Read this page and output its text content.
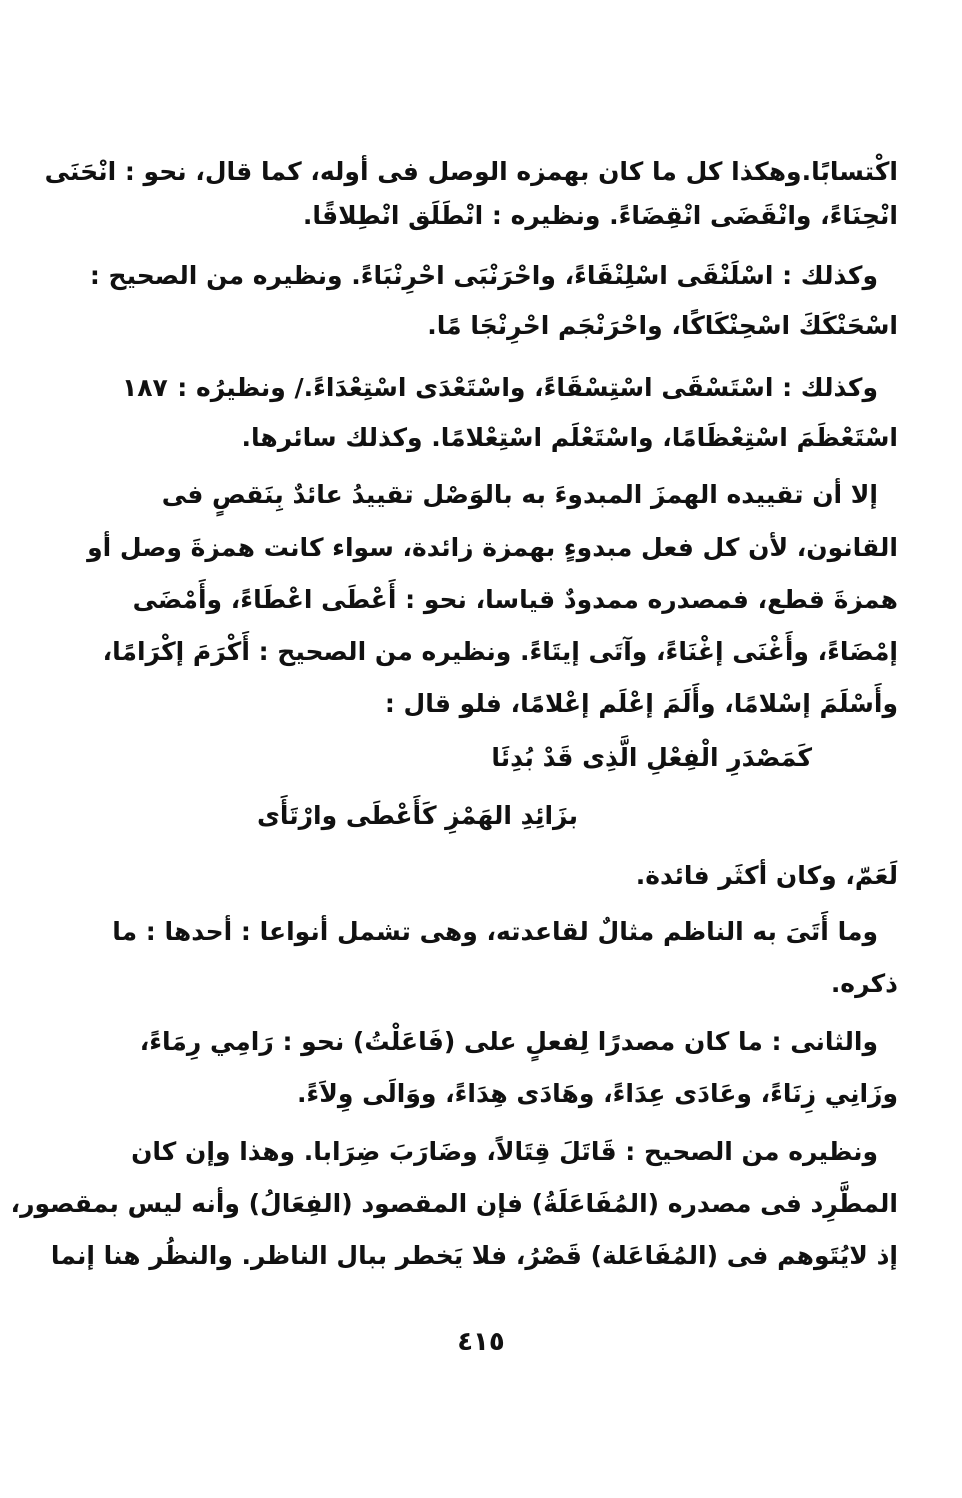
اكْتسابًا.وهكذا كل ما كان بهمزه الوصل فى أوله، كما قال، نحو : انْحَنَى
انْحِنَاءً، وانْقَضَى انْقِضَاءً. ونظيره : انْطَلَق انْطِلاقًا.
وكذلك : اسْلَنْقَى اسْلِنْقَاءً، واحْرَنْبَى احْرِنْبَاءً. ونظيره من الصحيح :
اسْحَنْكَكَ اسْحِنْكَاكًا، واحْرَنْجَم احْرِنْجَا مًا.
١٨٧ وكذلك : اسْتَسْقَى اسْتِسْقَاءً، واسْتَعْدَى اسْتِعْدَاءً./ ونظيرُه :
اسْتَعْظَمَ اسْتِعْظَامًا، واسْتَعْلَم اسْتِعْلامًا. وكذلك سائرها.
إلا أن تقييده الهمزَ المبدوءَ به بالوَصْل تقييدُ عائدٌ بِنَقصٍ فى
القانون، لأن كل فعل مبدوءٍ بهمزة زائدة، سواء كانت همزةَ وصل أو
همزةَ قطع، فمصدره ممدودٌ قياسا، نحو : أَعْطَى اعْطَاءً، وأَمْضَى
إمْضَاءً، وأَغْنَى إغْنَاءً، وآتَى إيتَاءً. ونظيره من الصحيح : أَكْرَمَ إكْرَامًا،
وأَسْلَمَ إسْلامًا، وأَلَمَ إعْلَم إعْلامًا، فلو قال :
كَمَصْدَرِ الْفِعْلِ الَّذِى قَدْ بُدِئَا
بزَائِدِ الهَمْزِ كَأَعْطَى وارْتَأَى
لَعَمّ، وكان أكثَر فائدة.
وما أَتَىَ به الناظم مثالٌ لقاعدته، وهى تشمل أنواعا : أحدها : ما
ذكره.
والثانى : ما كان مصدرًا لِفعلٍ على (فَاعَلْتُ) نحو : رَامِي رِمَاءً،
وزَانِي زِنَاءً، وعَادَى عِدَاءً، وهَادَى هِدَاءً، ووَالَى وِلاَءً.
ونظيره من الصحيح : قَاتَلَ قِتَالاً، وضَارَبَ ضِرَابا. وهذا وإن كان
المطَّرِد فى مصدره (المُفَاعَلَةُ) فإن المقصود (الفِعَالُ) وأنه ليس بمقصور،
إذ لايُتَوهم فى (المُفَاعَلة) قَصْرُ، فلا يَخطر ببال الناظر. والنظُر هنا إنما
٤١٥
